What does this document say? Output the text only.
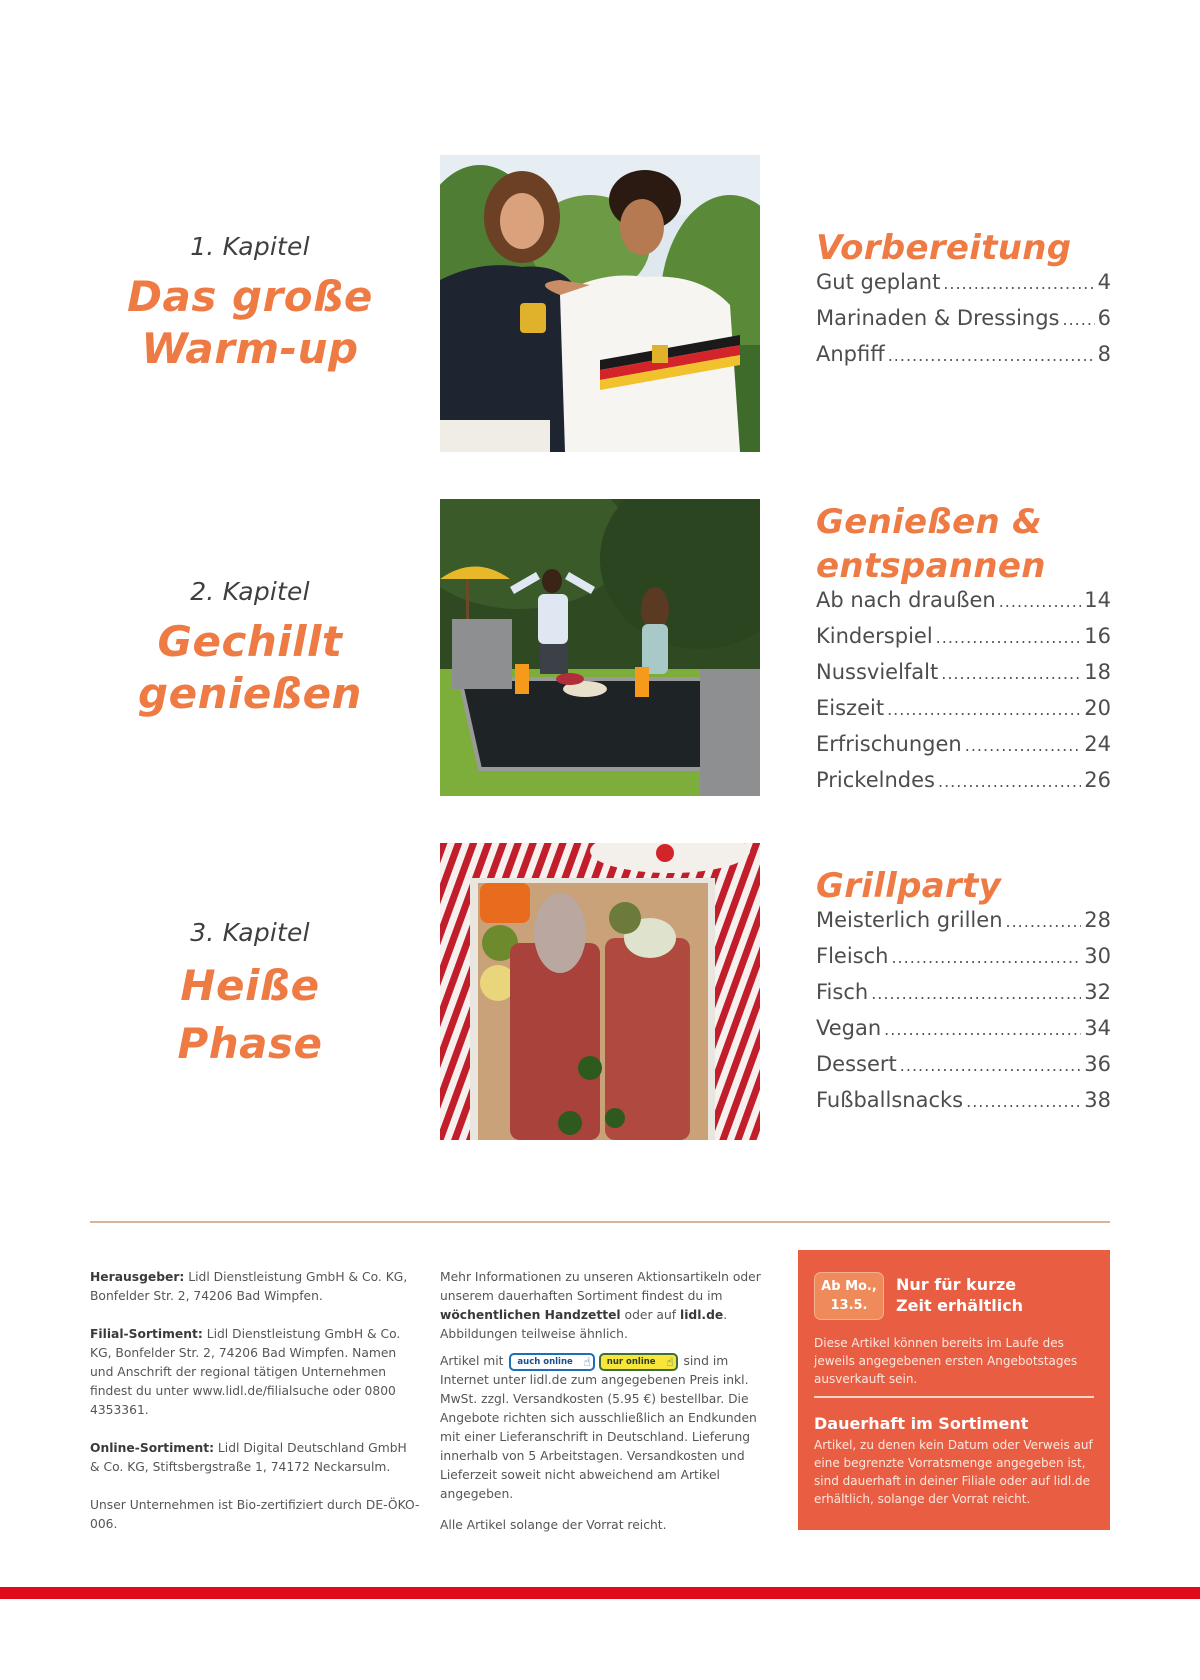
1. Kapitel
Das große
Warm-up
Vorbereitung
Gut geplant .....	4
Marinaden & Dressings ..... 6
Anpfiff .....	8
2. Kapitel
Gechillt
genießen
Genießen &
entspannen
Ab nach draußen .....	14
Kinderspiel .....	16
Nussvielfalt .....	18
Eiszeit .....	20
Erfrischungen .....	24
Prickelndes .....	26
3. Kapitel
Heiße
Phase
Grillparty
Meisterlich grillen .....	28
Fleisch .....	30
Fisch .....	32
Vegan .....	34
Dessert .....	36
Fußballsnacks .....	38

Herausgeber: Lidl Dienstleistung GmbH & Co. KG, Bonfelder Str. 2, 74206 Bad Wimpfen.

Filial-Sortiment: Lidl Dienstleistung GmbH & Co. KG, Bonfelder Str. 2, 74206 Bad Wimpfen. Namen und Anschrift der regional tätigen Unternehmen findest du unter www.lidl.de/filialsuche oder 0800 4353361.

Online-Sortiment: Lidl Digital Deutschland GmbH & Co. KG, Stiftsbergstraße 1, 74172 Neckarsulm.

Unser Unternehmen ist Bio-zertifiziert durch DE-ÖKO-006.

Mehr Informationen zu unseren Aktionsartikeln oder unserem dauerhaften Sortiment findest du im wöchentlichen Handzettel oder auf lidl.de. Abbildungen teilweise ähnlich.

Artikel mit auch online ☝ nur online ☝ sind im Internet unter lidl.de zum angegebenen Preis inkl. MwSt. zzgl. Versandkosten (5.95 €) bestellbar. Die Angebote richten sich ausschließlich an Endkunden mit einer Lieferanschrift in Deutschland. Lieferung innerhalb von 5 Arbeitstagen. Versandkosten und Lieferzeit soweit nicht abweichend am Artikel angegeben.

Alle Artikel solange der Vorrat reicht.

Ab Mo.,
13.5.
Nur für kurze
Zeit erhältlich
Diese Artikel können bereits im Laufe des jeweils angegebenen ersten Angebotstages ausverkauft sein.
Dauerhaft im Sortiment
Artikel, zu denen kein Datum oder Verweis auf eine begrenzte Vorratsmenge angegeben ist, sind dauerhaft in deiner Filiale oder auf lidl.de erhältlich, solange der Vorrat reicht.
